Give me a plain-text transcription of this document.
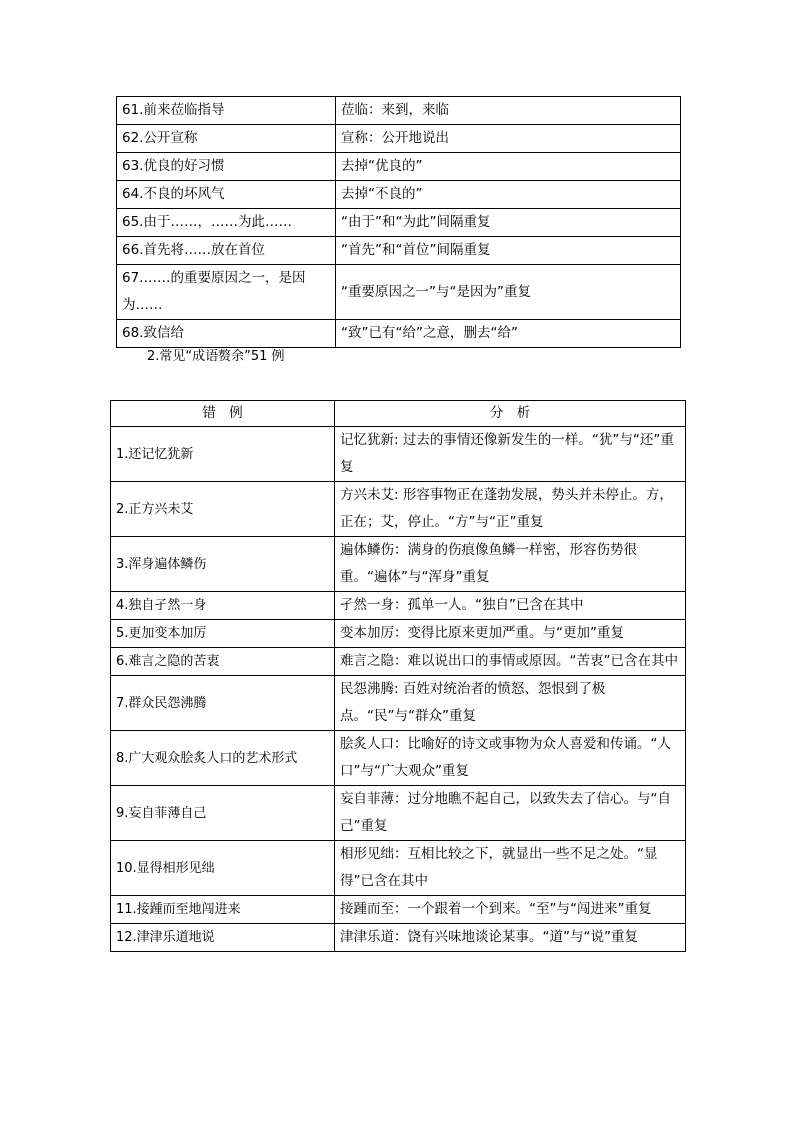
61.前来莅临指导	莅临：来到，来临
62.公开宣称	宣称：公开地说出
63.优良的好习惯	去掉“优良的”
64.不良的坏风气	去掉“不良的”
65.由于……，……为此……	“由于”和“为此”间隔重复
66.首先将……放在首位	“首先”和“首位”间隔重复
67.……的重要原因之一，是因为……	“重要原因之一”与“是因为”重复
68.致信给	“致”已有“给”之意，删去“给”
2.常见“成语赘余”51 例
错　例	分　析
1.还记忆犹新	记忆犹新: 过去的事情还像新发生的一样。“犹”与“还”重复
2.正方兴未艾	方兴未艾: 形容事物正在蓬勃发展，势头并未停止。方，正在；艾，停止。“方”与“正”重复
3.浑身遍体鳞伤	遍体鳞伤：满身的伤痕像鱼鳞一样密，形容伤势很重。“遍体”与“浑身”重复
4.独自孑然一身	孑然一身：孤单一人。“独自”已含在其中
5.更加变本加厉	变本加厉：变得比原来更加严重。与“更加”重复
6.难言之隐的苦衷	难言之隐：难以说出口的事情或原因。“苦衷”已含在其中
7.群众民怨沸腾	民怨沸腾: 百姓对统治者的愤怒、怨恨到了极点。“民”与“群众”重复
8.广大观众脍炙人口的艺术形式	脍炙人口：比喻好的诗文或事物为众人喜爱和传诵。“人口”与“广大观众”重复
9.妄自菲薄自己	妄自菲薄：过分地瞧不起自己，以致失去了信心。与“自己”重复
10.显得相形见绌	相形见绌：互相比较之下，就显出一些不足之处。“显得”已含在其中
11.接踵而至地闯进来	接踵而至：一个跟着一个到来。“至”与“闯进来”重复
12.津津乐道地说	津津乐道：饶有兴味地谈论某事。“道”与“说”重复
